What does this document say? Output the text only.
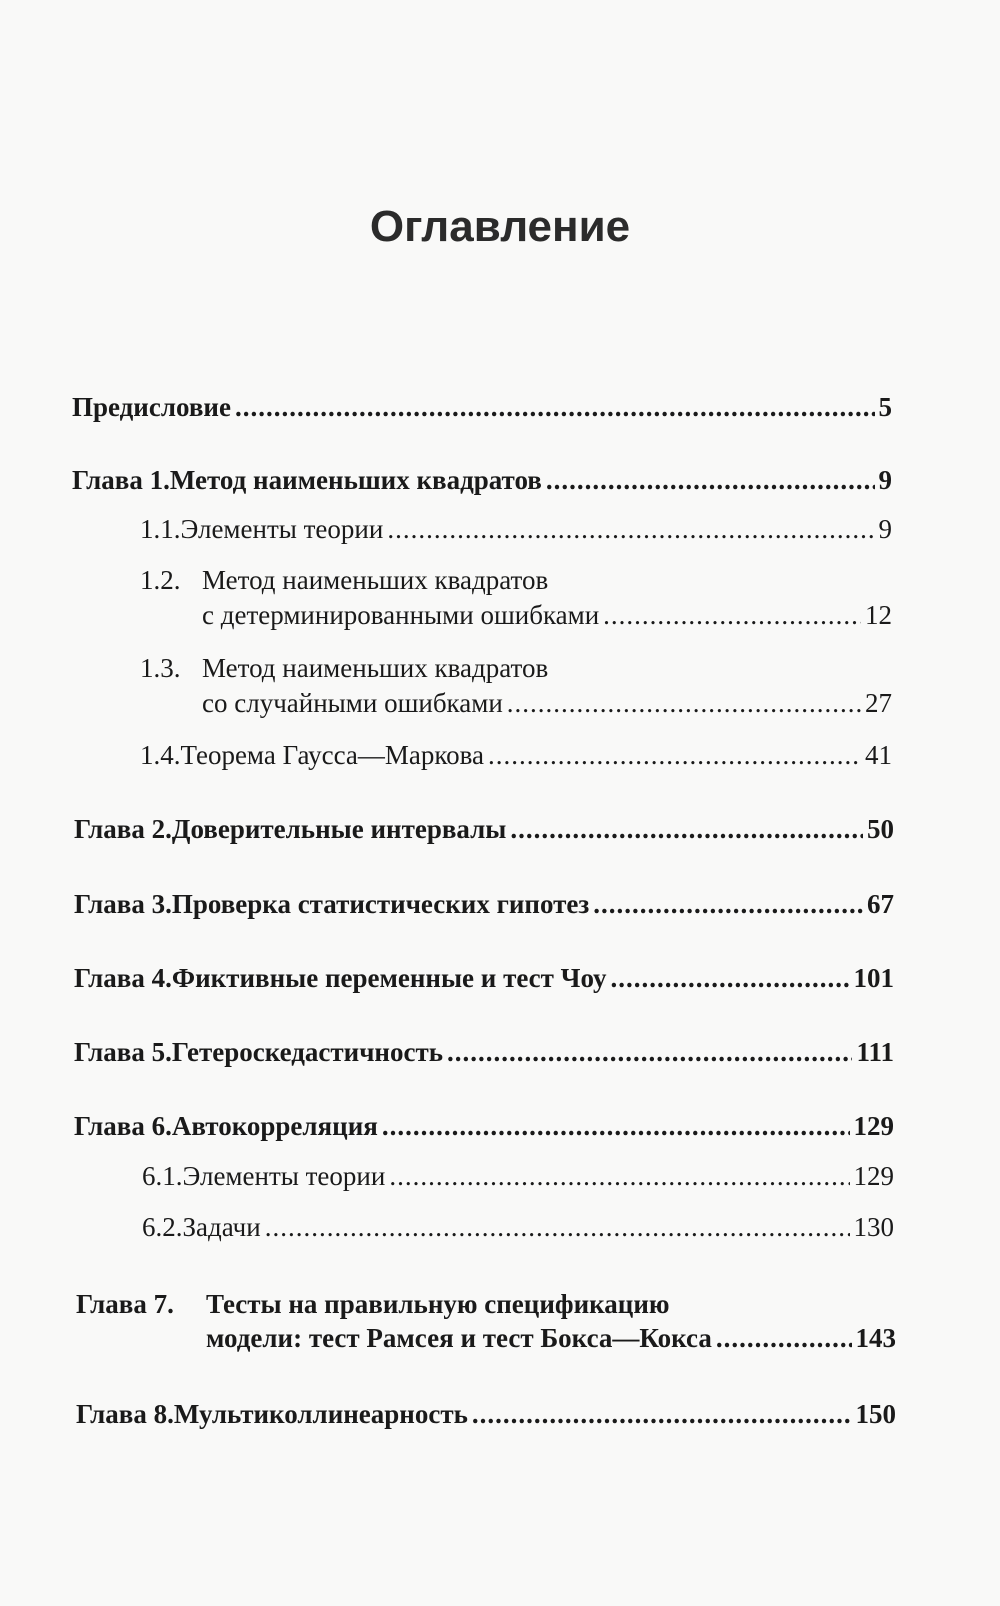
Оглавление
Предисловие .....	5
Глава 1. Метод наименьших квадратов .....	9
1.1. Элементы теории .....	9
1.2. Метод наименьших квадратов
с детерминированными ошибками .....	12
1.3. Метод наименьших квадратов
со случайными ошибками .....	27
1.4. Теорема Гаусса—Маркова .....	41
Глава 2. Доверительные интервалы .....	50
Глава 3. Проверка статистических гипотез .....	67
Глава 4. Фиктивные переменные и тест Чоу .....	101
Глава 5. Гетероскедастичность .....	111
Глава 6. Автокорреляция .....	129
6.1. Элементы теории .....	129
6.2. Задачи .....	130
Глава 7. Тесты на правильную спецификацию
модели: тест Рамсея и тест Бокса—Кокса .....	143
Глава 8. Мультиколлинеарность .....	150
